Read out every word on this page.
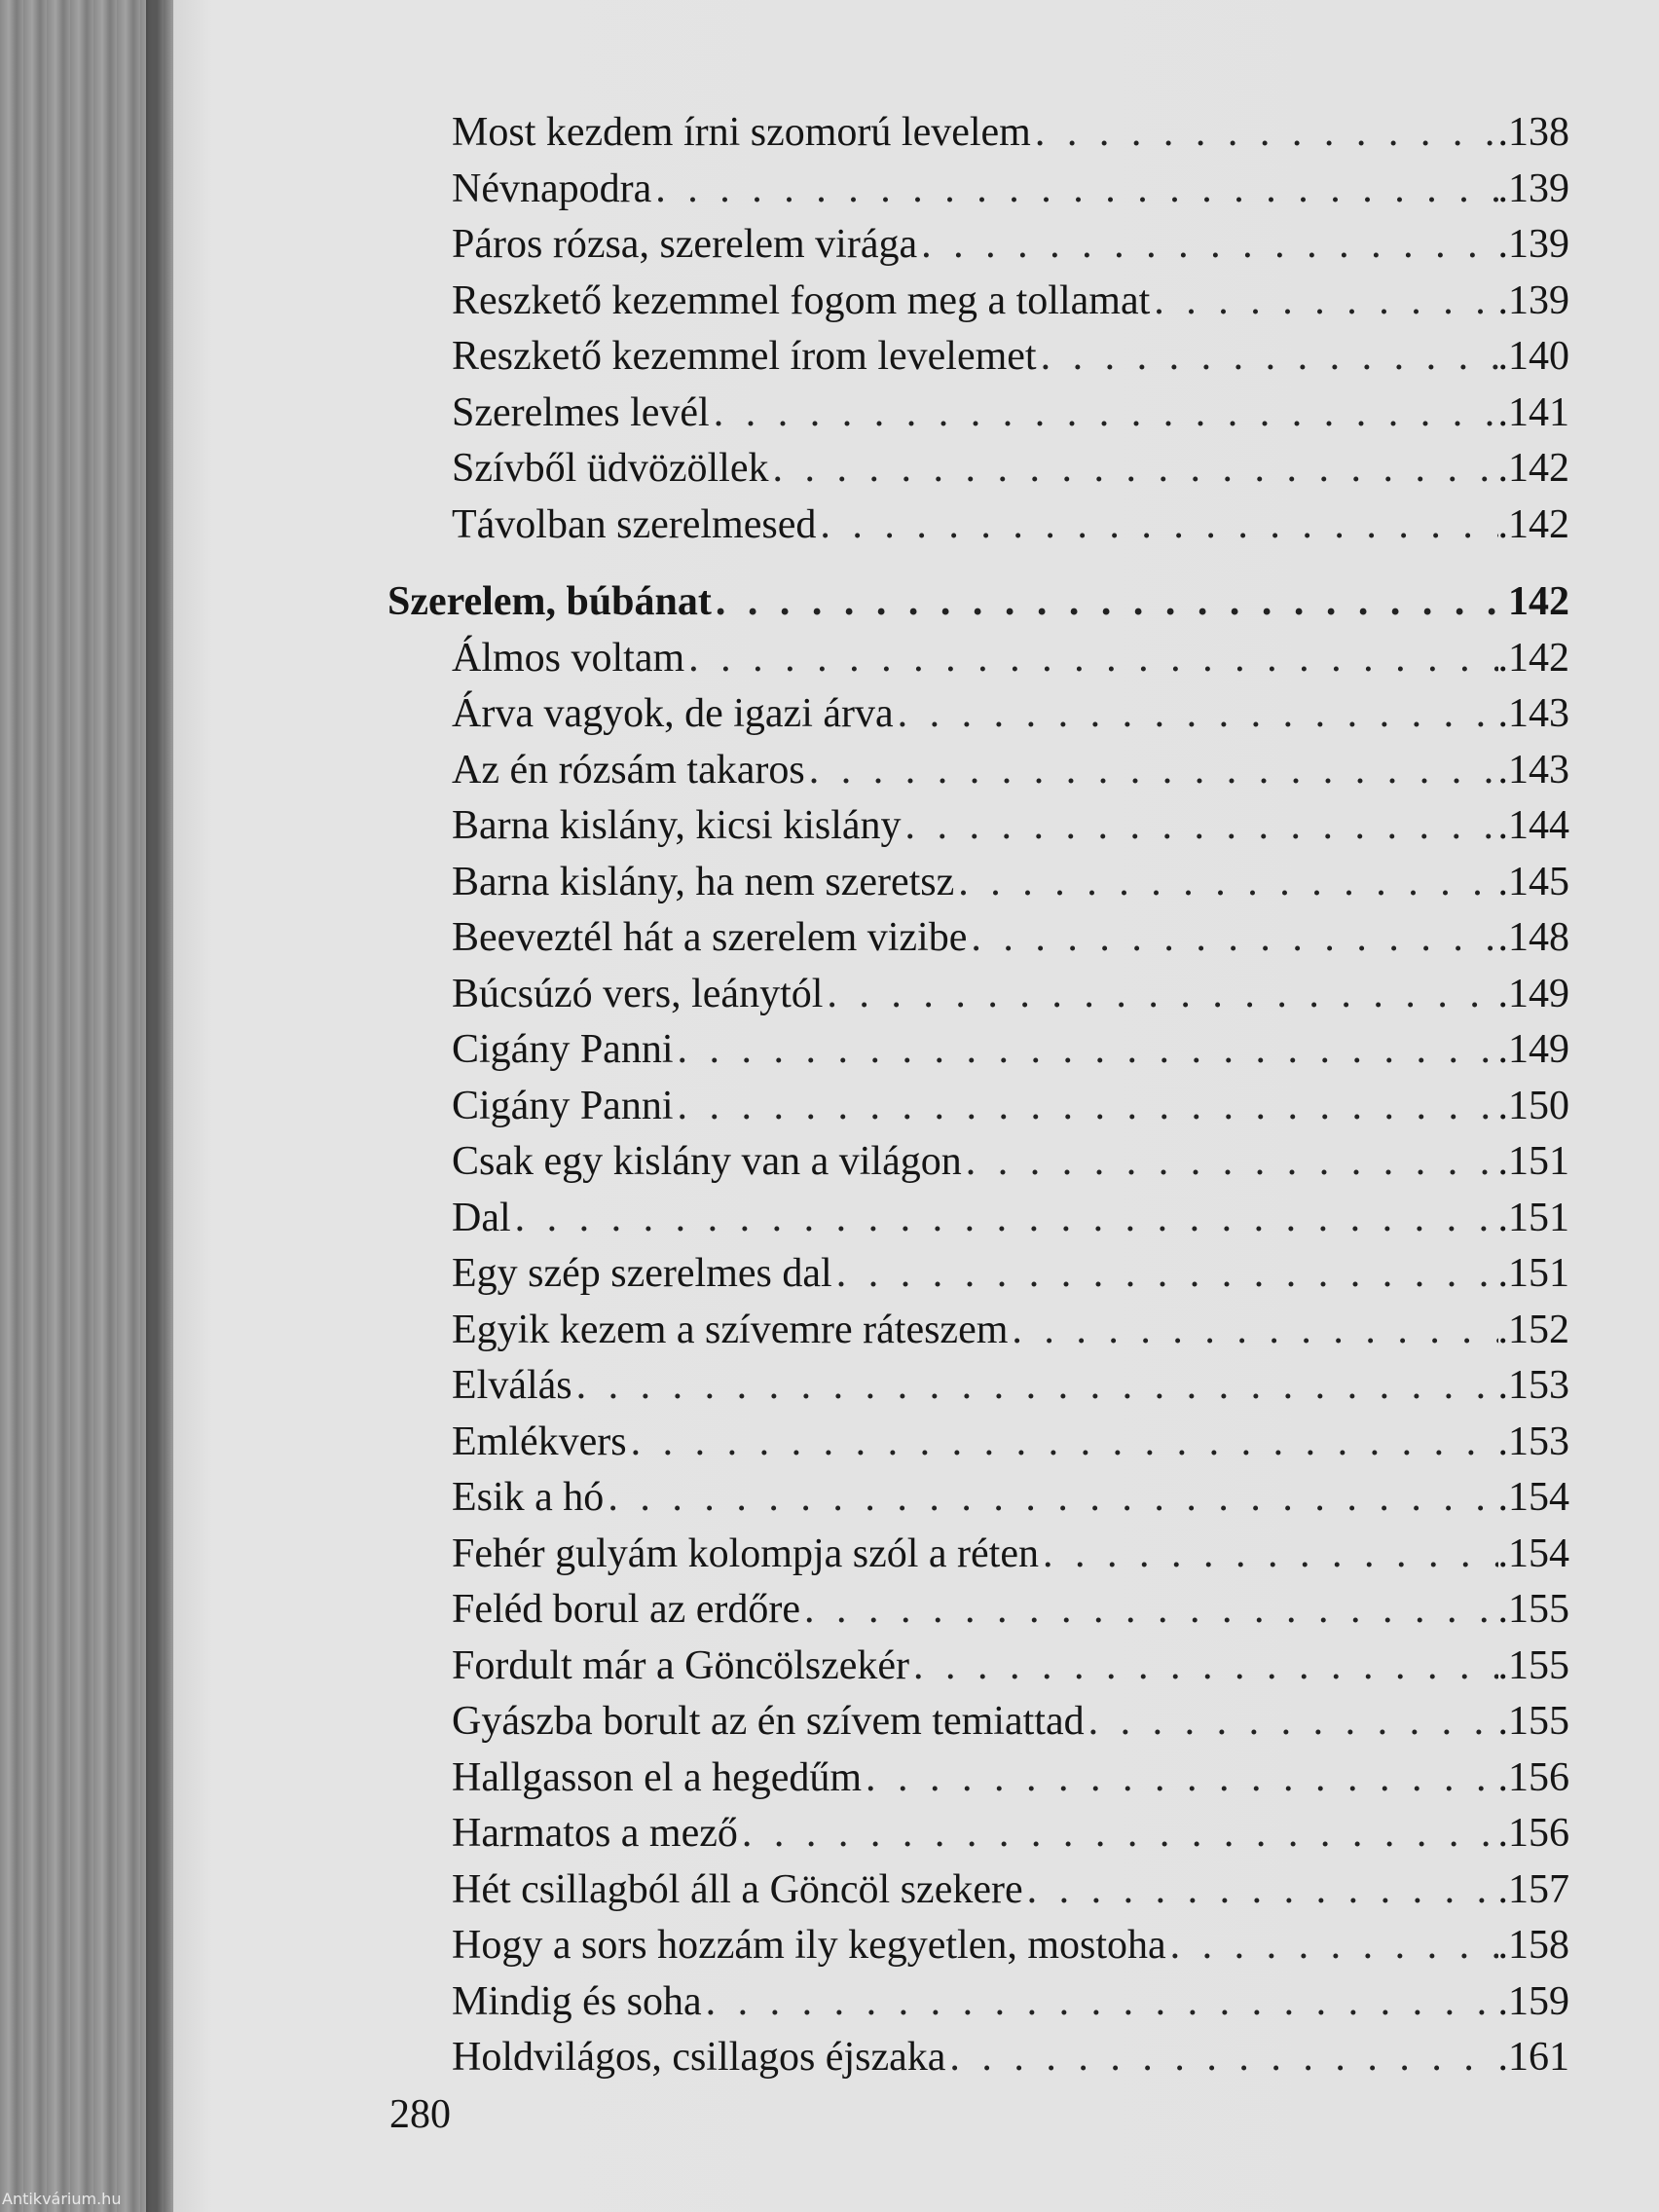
Most kezdem írni szomorú levelem . . .	.138
Névnapodra . . .	.139
Páros rózsa, szerelem virága . . .	.139
Reszkető kezemmel fogom meg a tollamat . . .	.139
Reszkető kezemmel írom levelemet . . .	.140
Szerelmes levél . . .	.141
Szívből üdvözöllek . . .	.142
Távolban szerelmesed . . .	.142
Szerelem, búbánat . . .	142
Álmos voltam . . .	.142
Árva vagyok, de igazi árva . . .	.143
Az én rózsám takaros . . .	.143
Barna kislány, kicsi kislány . . .	.144
Barna kislány, ha nem szeretsz . . .	.145
Beeveztél hát a szerelem vizibe . . .	.148
Búcsúzó vers, leánytól . . .	.149
Cigány Panni . . .	.149
Cigány Panni . . .	.150
Csak egy kislány van a világon . . .	.151
Dal . . .	.151
Egy szép szerelmes dal . . .	.151
Egyik kezem a szívemre ráteszem . . .	.152
Elválás . . .	.153
Emlékvers . . .	.153
Esik a hó . . .	.154
Fehér gulyám kolompja szól a réten . . .	.154
Feléd borul az erdőre . . .	.155
Fordult már a Göncölszekér . . .	.155
Gyászba borult az én szívem temiattad . . .	.155
Hallgasson el a hegedűm . . .	.156
Harmatos a mező . . .	.156
Hét csillagból áll a Göncöl szekere . . .	.157
Hogy a sors hozzám ily kegyetlen, mostoha . . .	.158
Mindig és soha . . .	.159
Holdvilágos, csillagos éjszaka . . .	.161
280
Antikvárium.hu
